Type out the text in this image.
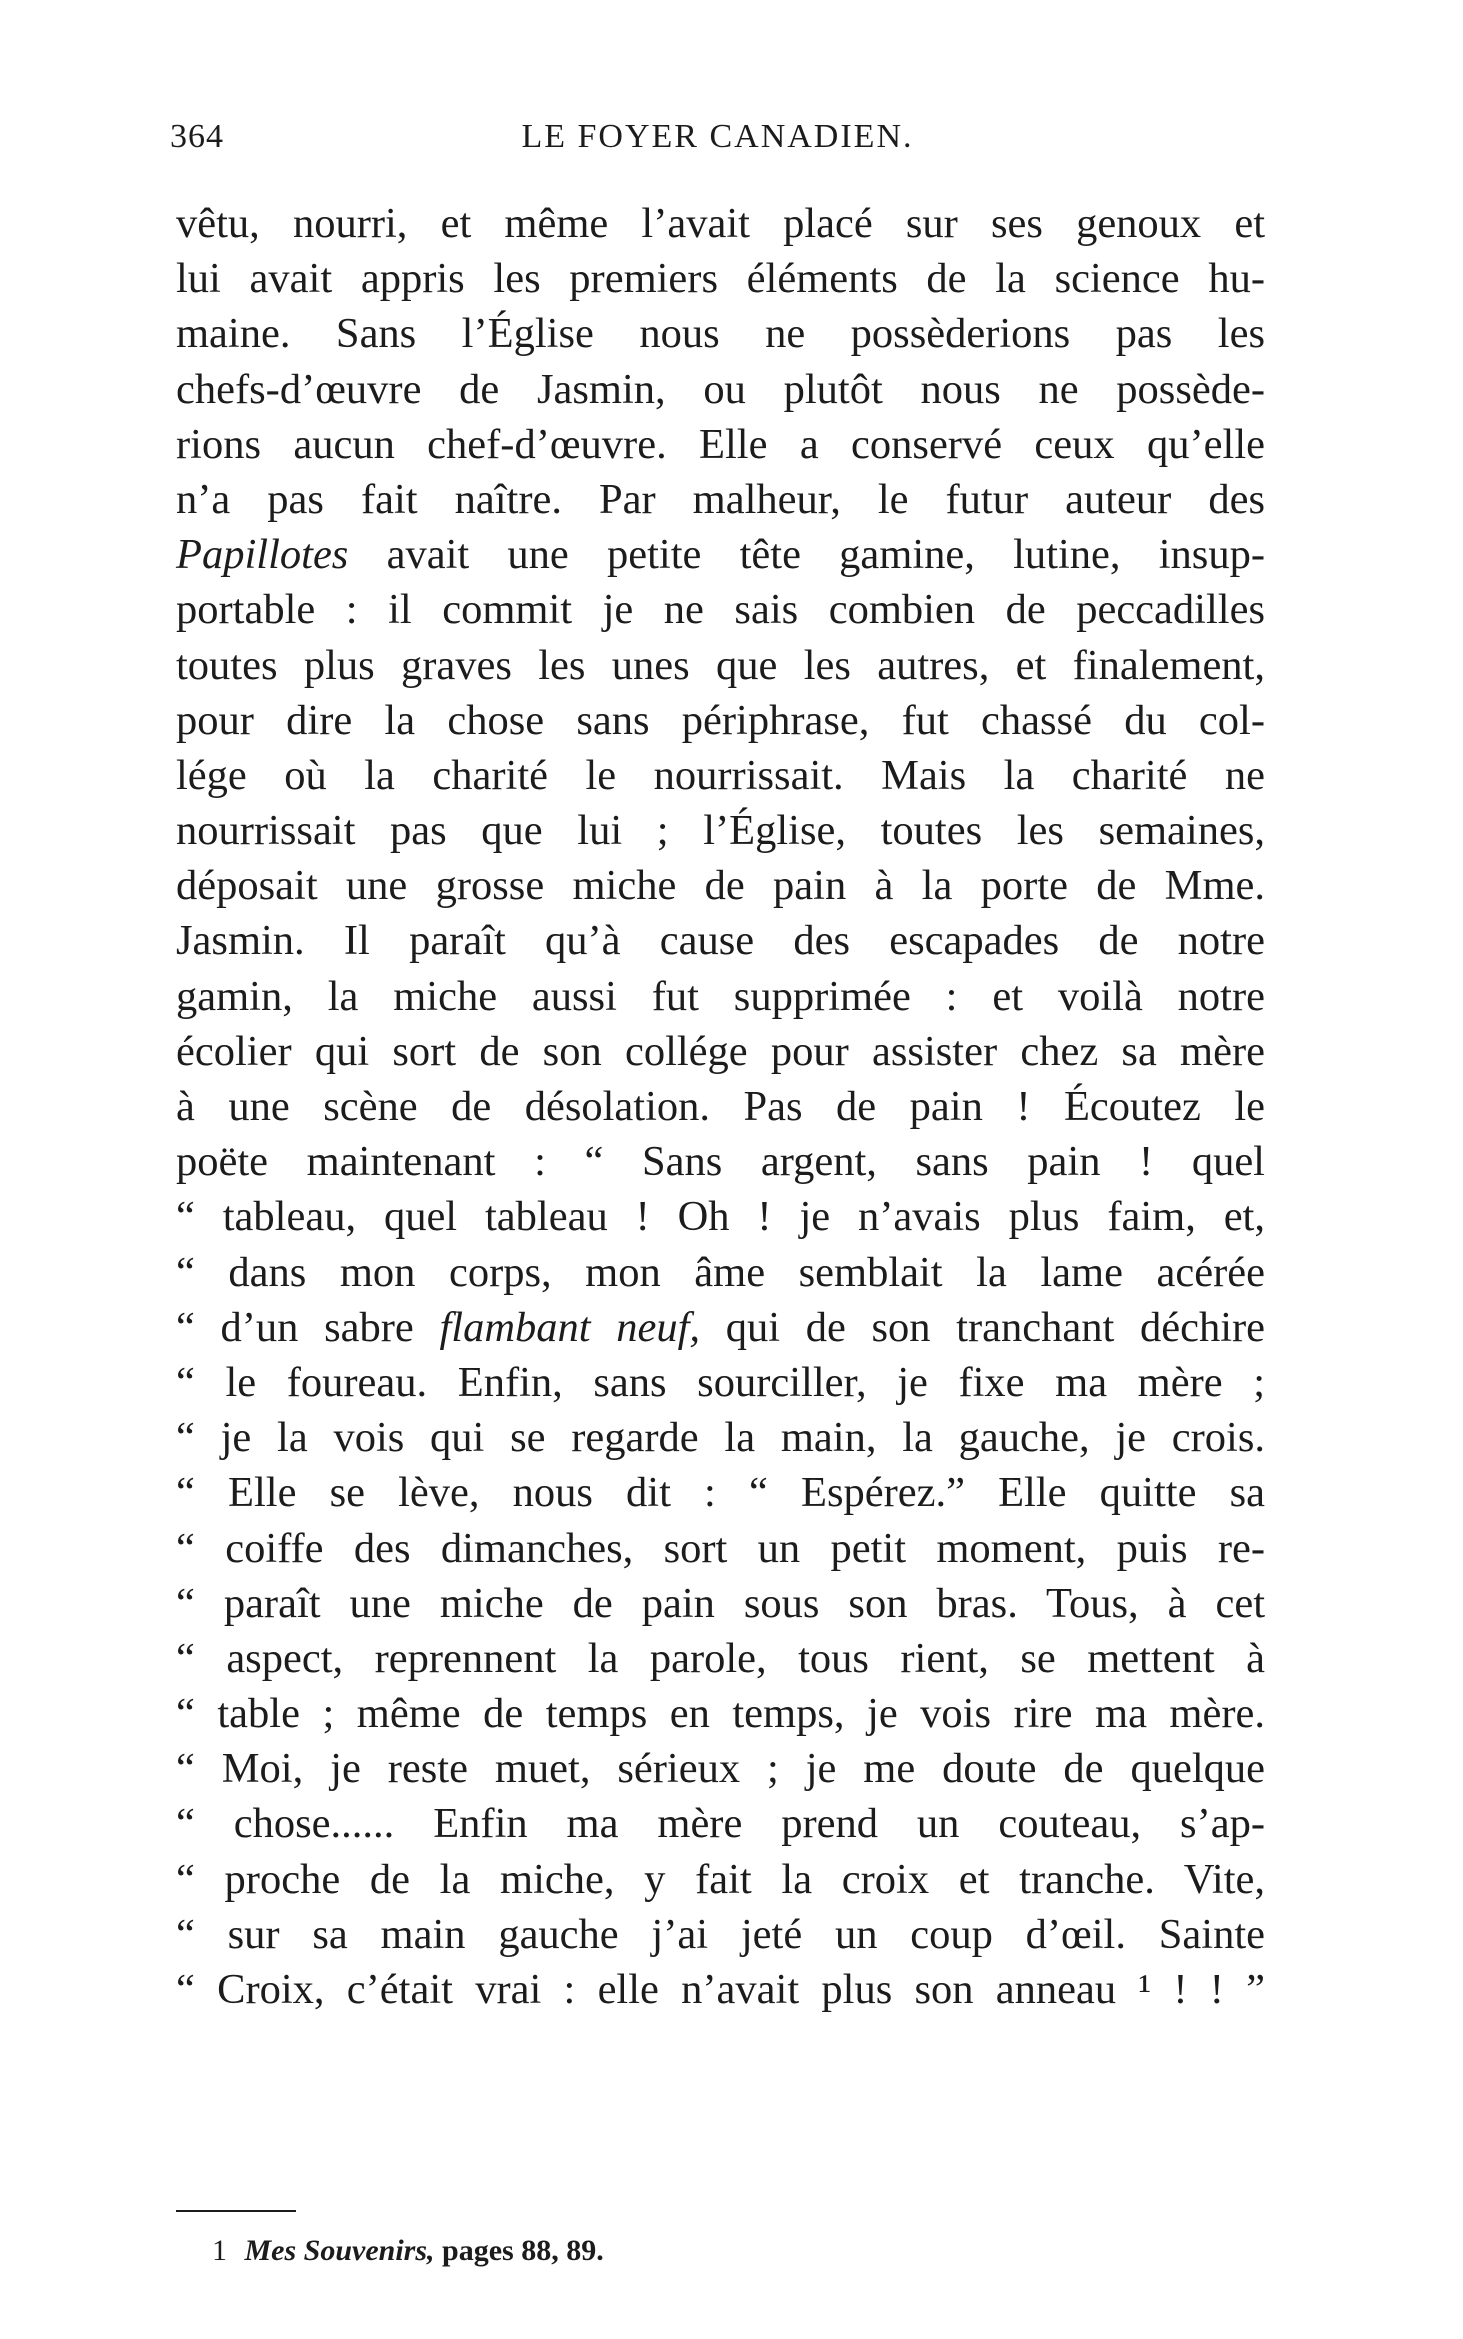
364	LE FOYER CANADIEN.
vêtu, nourri, et même l’avait placé sur ses genoux et
lui avait appris les premiers éléments de la science hu-
maine. Sans l’Église nous ne possèderions pas les
chefs-d’œuvre de Jasmin, ou plutôt nous ne possède-
rions aucun chef-d’œuvre. Elle a conservé ceux qu’elle
n’a pas fait naître. Par malheur, le futur auteur des
Papillotes avait une petite tête gamine, lutine, insup-
portable : il commit je ne sais combien de peccadilles
toutes plus graves les unes que les autres, et finalement,
pour dire la chose sans périphrase, fut chassé du col-
lége où la charité le nourrissait. Mais la charité ne
nourrissait pas que lui ; l’Église, toutes les semaines,
déposait une grosse miche de pain à la porte de Mme.
Jasmin. Il paraît qu’à cause des escapades de notre
gamin, la miche aussi fut supprimée : et voilà notre
écolier qui sort de son collége pour assister chez sa mère
à une scène de désolation. Pas de pain ! Écoutez le
poëte maintenant : “ Sans argent, sans pain ! quel
“ tableau, quel tableau ! Oh ! je n’avais plus faim, et,
“ dans mon corps, mon âme semblait la lame acérée
“ d’un sabre flambant neuf, qui de son tranchant déchire
“ le foureau. Enfin, sans sourciller, je fixe ma mère ;
“ je la vois qui se regarde la main, la gauche, je crois.
“ Elle se lève, nous dit : “ Espérez.” Elle quitte sa
“ coiffe des dimanches, sort un petit moment, puis re-
“ paraît une miche de pain sous son bras. Tous, à cet
“ aspect, reprennent la parole, tous rient, se mettent à
“ table ; même de temps en temps, je vois rire ma mère.
“ Moi, je reste muet, sérieux ; je me doute de quelque
“ chose...... Enfin ma mère prend un couteau, s’ap-
“ proche de la miche, y fait la croix et tranche. Vite,
“ sur sa main gauche j’ai jeté un coup d’œil. Sainte
“ Croix, c’était vrai : elle n’avait plus son anneau ¹ ! ! ”
1 Mes Souvenirs, pages 88, 89.
